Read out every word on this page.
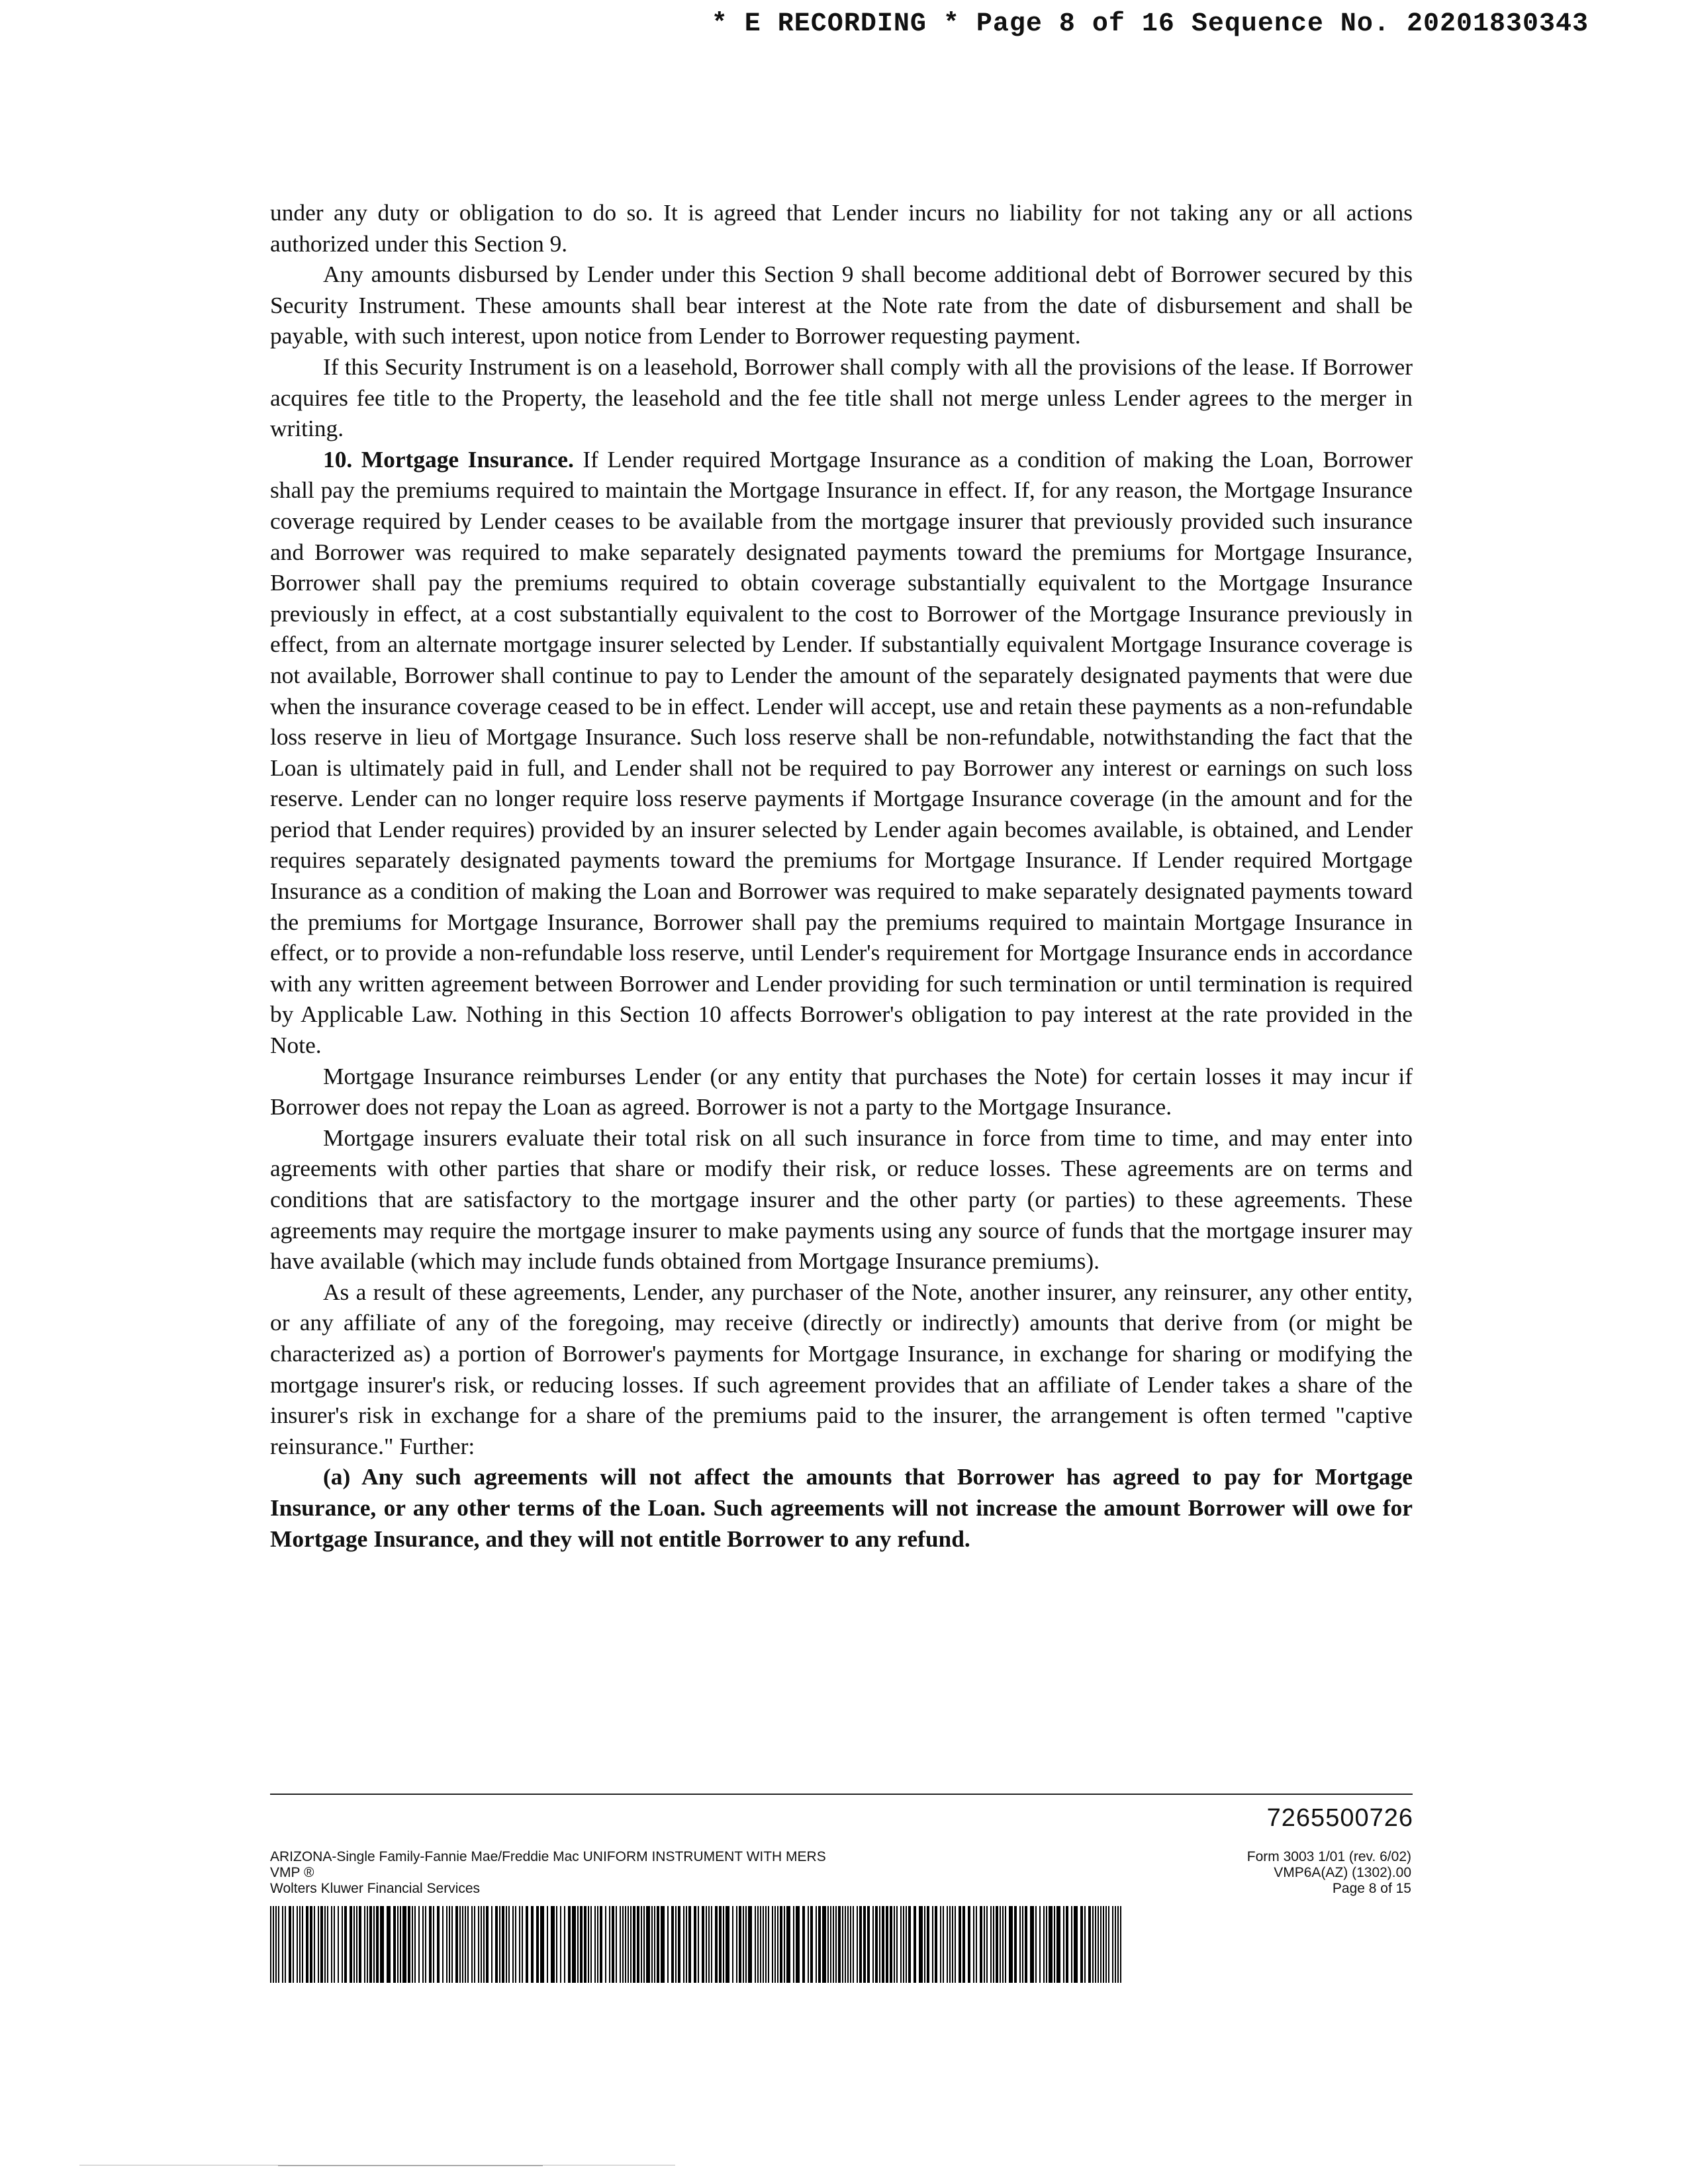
* E RECORDING * Page 8 of 16 Sequence No. 20201830343

under any duty or obligation to do so. It is agreed that Lender incurs no liability for not taking any or all actions authorized under this Section 9.

Any amounts disbursed by Lender under this Section 9 shall become additional debt of Borrower secured by this Security Instrument. These amounts shall bear interest at the Note rate from the date of disbursement and shall be payable, with such interest, upon notice from Lender to Borrower requesting payment.

If this Security Instrument is on a leasehold, Borrower shall comply with all the provisions of the lease. If Borrower acquires fee title to the Property, the leasehold and the fee title shall not merge unless Lender agrees to the merger in writing.

10. Mortgage Insurance. If Lender required Mortgage Insurance as a condition of making the Loan, Borrower shall pay the premiums required to maintain the Mortgage Insurance in effect. If, for any reason, the Mortgage Insurance coverage required by Lender ceases to be available from the mortgage insurer that previously provided such insurance and Borrower was required to make separately designated payments toward the premiums for Mortgage Insurance, Borrower shall pay the premiums required to obtain coverage substantially equivalent to the Mortgage Insurance previously in effect, at a cost substantially equivalent to the cost to Borrower of the Mortgage Insurance previously in effect, from an alternate mortgage insurer selected by Lender. If substantially equivalent Mortgage Insurance coverage is not available, Borrower shall continue to pay to Lender the amount of the separately designated payments that were due when the insurance coverage ceased to be in effect. Lender will accept, use and retain these payments as a non-refundable loss reserve in lieu of Mortgage Insurance. Such loss reserve shall be non-refundable, notwithstanding the fact that the Loan is ultimately paid in full, and Lender shall not be required to pay Borrower any interest or earnings on such loss reserve. Lender can no longer require loss reserve payments if Mortgage Insurance coverage (in the amount and for the period that Lender requires) provided by an insurer selected by Lender again becomes available, is obtained, and Lender requires separately designated payments toward the premiums for Mortgage Insurance. If Lender required Mortgage Insurance as a condition of making the Loan and Borrower was required to make separately designated payments toward the premiums for Mortgage Insurance, Borrower shall pay the premiums required to maintain Mortgage Insurance in effect, or to provide a non-refundable loss reserve, until Lender's requirement for Mortgage Insurance ends in accordance with any written agreement between Borrower and Lender providing for such termination or until termination is required by Applicable Law. Nothing in this Section 10 affects Borrower's obligation to pay interest at the rate provided in the Note.

Mortgage Insurance reimburses Lender (or any entity that purchases the Note) for certain losses it may incur if Borrower does not repay the Loan as agreed. Borrower is not a party to the Mortgage Insurance.

Mortgage insurers evaluate their total risk on all such insurance in force from time to time, and may enter into agreements with other parties that share or modify their risk, or reduce losses. These agreements are on terms and conditions that are satisfactory to the mortgage insurer and the other party (or parties) to these agreements. These agreements may require the mortgage insurer to make payments using any source of funds that the mortgage insurer may have available (which may include funds obtained from Mortgage Insurance premiums).

As a result of these agreements, Lender, any purchaser of the Note, another insurer, any reinsurer, any other entity, or any affiliate of any of the foregoing, may receive (directly or indirectly) amounts that derive from (or might be characterized as) a portion of Borrower's payments for Mortgage Insurance, in exchange for sharing or modifying the mortgage insurer's risk, or reducing losses. If such agreement provides that an affiliate of Lender takes a share of the insurer's risk in exchange for a share of the premiums paid to the insurer, the arrangement is often termed "captive reinsurance." Further:

(a) Any such agreements will not affect the amounts that Borrower has agreed to pay for Mortgage Insurance, or any other terms of the Loan. Such agreements will not increase the amount Borrower will owe for Mortgage Insurance, and they will not entitle Borrower to any refund.

7265500726
ARIZONA-Single Family-Fannie Mae/Freddie Mac UNIFORM INSTRUMENT WITH MERS
VMP ®
Wolters Kluwer Financial Services
Form 3003 1/01 (rev. 6/02)
VMP6A(AZ) (1302).00
Page 8 of 15
